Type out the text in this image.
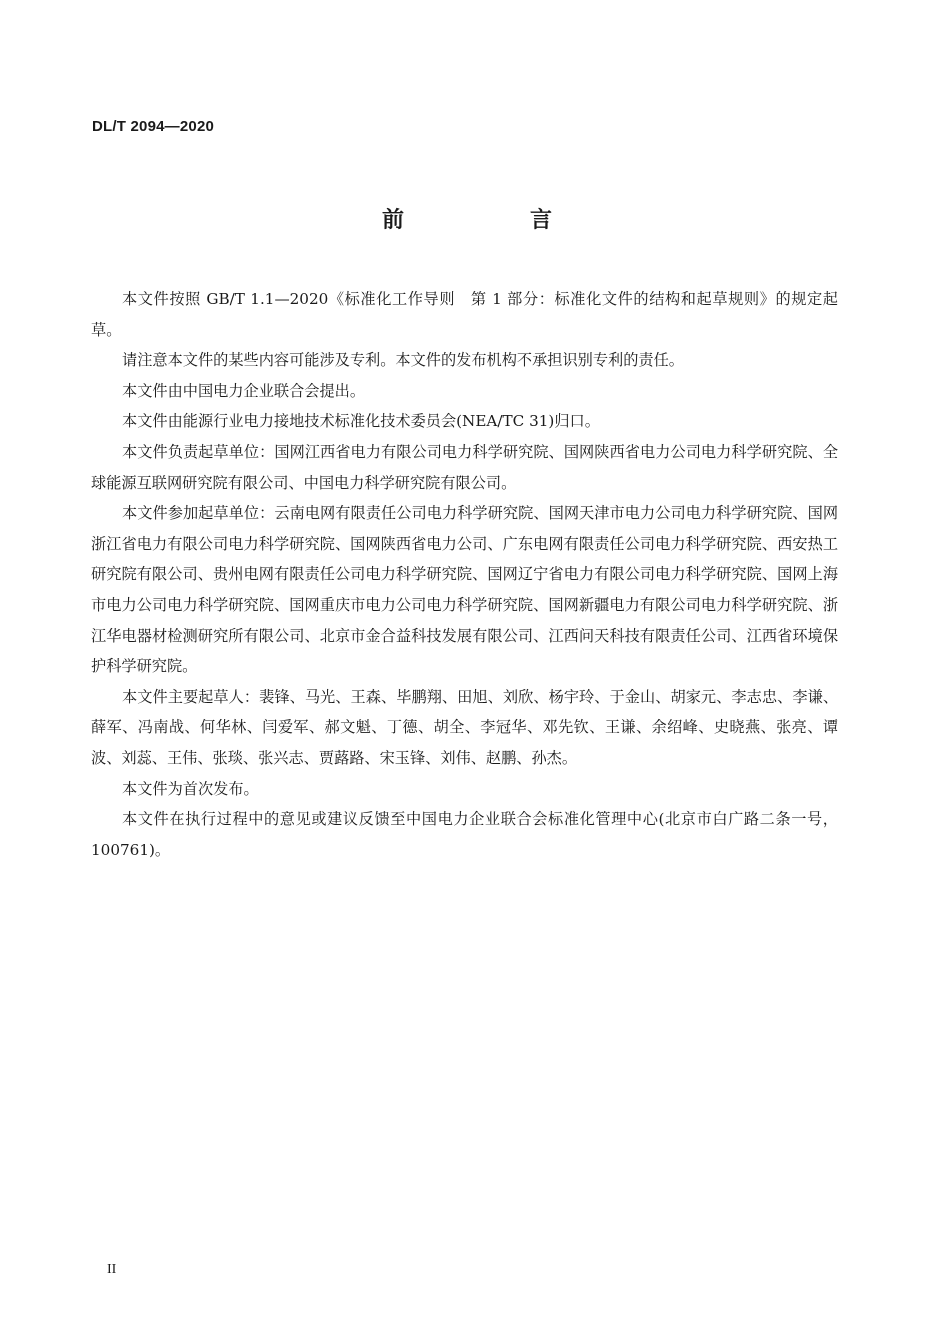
DL/T 2094—2020
前　言

本文件按照 GB/T 1.1—2020《标准化工作导则　第 1 部分：标准化文件的结构和起草规则》的规定起草。

请注意本文件的某些内容可能涉及专利。本文件的发布机构不承担识别专利的责任。

本文件由中国电力企业联合会提出。

本文件由能源行业电力接地技术标准化技术委员会(NEA/TC 31)归口。

本文件负责起草单位：国网江西省电力有限公司电力科学研究院、国网陕西省电力公司电力科学研究院、全球能源互联网研究院有限公司、中国电力科学研究院有限公司。

本文件参加起草单位：云南电网有限责任公司电力科学研究院、国网天津市电力公司电力科学研究院、国网浙江省电力有限公司电力科学研究院、国网陕西省电力公司、广东电网有限责任公司电力科学研究院、西安热工研究院有限公司、贵州电网有限责任公司电力科学研究院、国网辽宁省电力有限公司电力科学研究院、国网上海市电力公司电力科学研究院、国网重庆市电力公司电力科学研究院、国网新疆电力有限公司电力科学研究院、浙江华电器材检测研究所有限公司、北京市金合益科技发展有限公司、江西问天科技有限责任公司、江西省环境保护科学研究院。

本文件主要起草人：裴锋、马光、王森、毕鹏翔、田旭、刘欣、杨宇玲、于金山、胡家元、李志忠、李谦、薛军、冯南战、何华林、闫爱军、郝文魁、丁德、胡全、李冠华、邓先钦、王谦、余绍峰、史晓燕、张亮、谭波、刘蕊、王伟、张琰、张兴志、贾蕗路、宋玉锋、刘伟、赵鹏、孙杰。

本文件为首次发布。

本文件在执行过程中的意见或建议反馈至中国电力企业联合会标准化管理中心(北京市白广路二条一号，100761)。

II
